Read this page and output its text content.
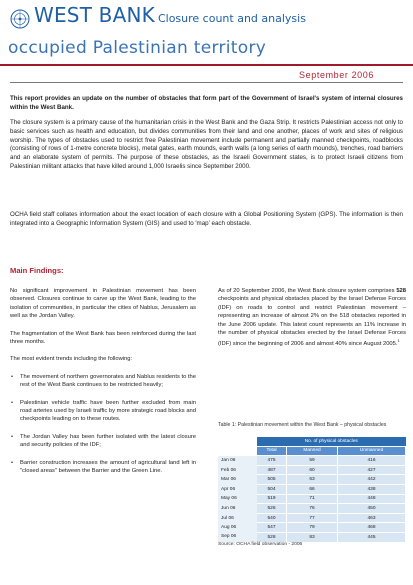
WEST BANK Closure count and analysis
occupied Palestinian territory
September 2006
This report provides an update on the number of obstacles that form part of the Government of Israel's system of internal closures within the West Bank.
The closure system is a primary cause of the humanitarian crisis in the West Bank and the Gaza Strip. It restricts Palestinian access not only to basic services such as health and education, but divides communities from their land and one another, places of work and sites of religious worship. The types of obstacles used to restrict free Palestinian movement include permanent and partially manned checkpoints, roadblocks (consisting of rows of 1-metre concrete blocks), metal gates, earth mounds, earth walls (a long series of earth mounds), trenches, road barriers and an elaborate system of permits. The purpose of these obstacles, as the Israeli Government states, is to protect Israeli citizens from Palestinian militant attacks that have killed around 1,000 Israelis since September 2000.
OCHA field staff collates information about the exact location of each closure with a Global Positioning System (GPS). The information is then integrated into a Geographic Information System (GIS) and used to 'map' each obstacle.
Main Findings:
No significant improvement in Palestinian movement has been observed. Closures continue to carve up the West Bank, leading to the isolation of communities, in particular the cities of Nablus, Jerusalem as well as the Jordan Valley.
The fragmentation of the West Bank has been reinforced during the last three months.
The most evident trends including the following:
• The movement of northern governorates and Nablus residents to the rest of the West Bank continues to be restricted heavily;
• Palestinian vehicle traffic have been further excluded from main road arteries used by Israeli traffic by more strategic road blocks and checkpoints leading on to these routes.
• The Jordan Valley has been further isolated with the latest closure and security policies of the IDF;
• Barrier construction increases the amount of agricultural land left in "closed areas" between the Barrier and the Green Line.
As of 20 September 2006, the West Bank closure system comprises 528 checkpoints and physical obstacles placed by the Israel Defense Forces (IDF) on roads to control and restrict Palestinian movement – representing an increase of almost 2% on the 518 obstacles reported in the June 2006 update. This latest count represents an 11% increase in the number of physical obstacles erected by the Israel Defense Forces (IDF) since the beginning of 2006 and almost 40% since August 2005.$^1$
Table 1: Palestinian movement within the West Bank – physical obstacles
	No. of physical obstacles		
	Total	Manned	Unmanned
Jan 06	475	59	416
Feb 06	487	60	427
Mar 06	505	63	442
Apr 06	504	66	438
May 06	519	71	448
Jun 06	526	76	450
Jul 06	540	77	463
Aug 06	547	79	468
Sep 06	528	83	445
Source: OCHA field observation - 2006
